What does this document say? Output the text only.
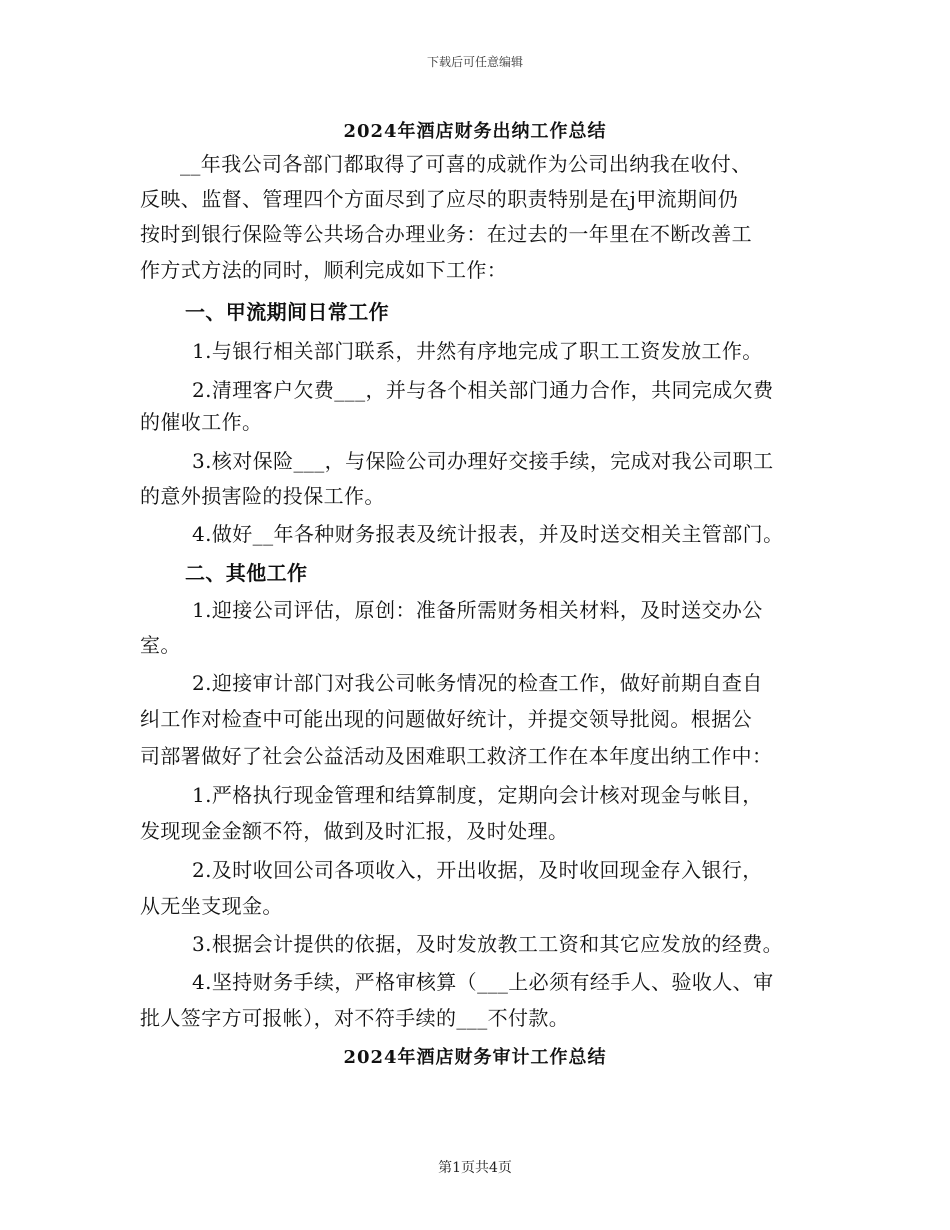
下载后可任意编辑
2024年酒店财务出纳工作总结
__年我公司各部门都取得了可喜的成就作为公司出纳我在收付、
反映、监督、管理四个方面尽到了应尽的职责特别是在j甲流期间仍
按时到银行保险等公共场合办理业务：在过去的一年里在不断改善工
作方式方法的同时，顺利完成如下工作：
一、甲流期间日常工作
1.与银行相关部门联系，井然有序地完成了职工工资发放工作。
2.清理客户欠费___，并与各个相关部门通力合作，共同完成欠费
的催收工作。
3.核对保险___，与保险公司办理好交接手续，完成对我公司职工
的意外损害险的投保工作。
4.做好__年各种财务报表及统计报表，并及时送交相关主管部门。
二、其他工作
1.迎接公司评估，原创：准备所需财务相关材料，及时送交办公
室。
2.迎接审计部门对我公司帐务情况的检查工作，做好前期自查自
纠工作对检查中可能出现的问题做好统计，并提交领导批阅。根据公
司部署做好了社会公益活动及困难职工救济工作在本年度出纳工作中：
1.严格执行现金管理和结算制度，定期向会计核对现金与帐目，
发现现金金额不符，做到及时汇报，及时处理。
2.及时收回公司各项收入，开出收据，及时收回现金存入银行，
从无坐支现金。
3.根据会计提供的依据，及时发放教工工资和其它应发放的经费。
4.坚持财务手续，严格审核算（___上必须有经手人、验收人、审
批人签字方可报帐），对不符手续的___不付款。
2024年酒店财务审计工作总结
第1页共4页
